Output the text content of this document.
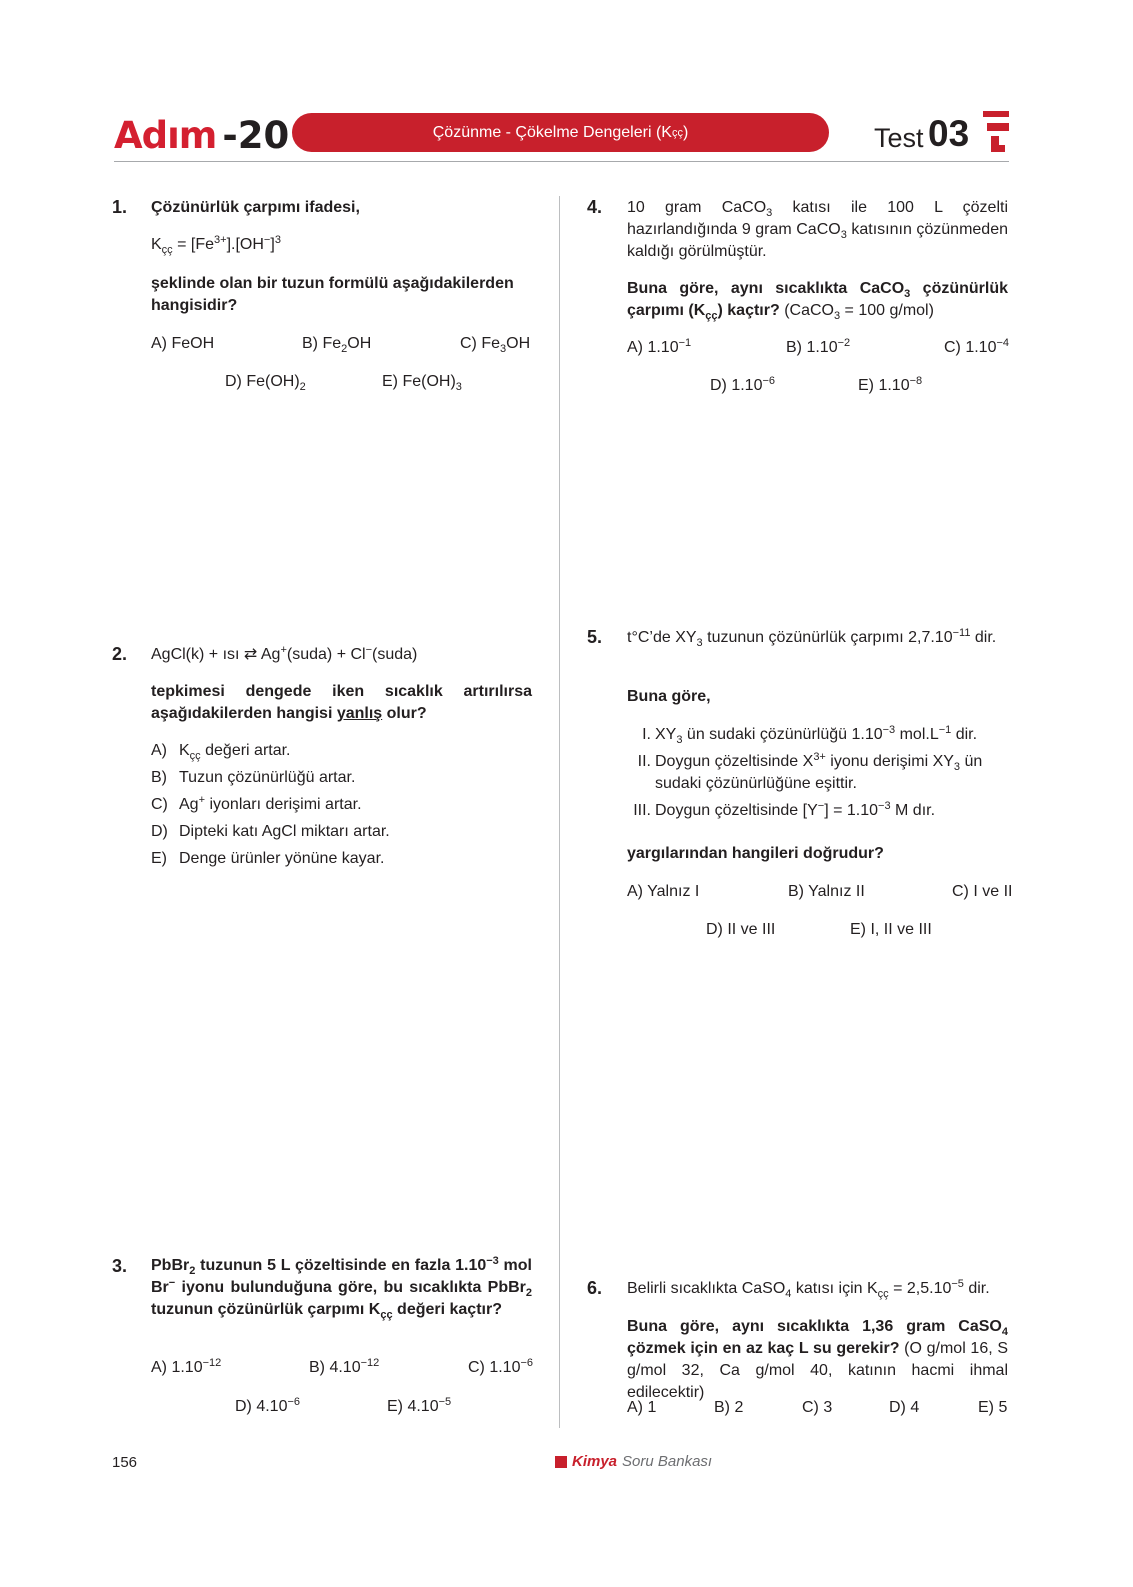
Adım -20	Çözünme - Çökelme Dengeleri (K çç )	Test 03
1. Çözünürlük çarpımı ifadesi,
$K_{çç} = [Fe^{3+}].[OH^-]^3$
şeklinde olan bir tuzun formülü aşağıdakilerden hangisidir?
A) FeOH	B) $Fe_2OH$	C) $Fe_3OH$
D) $Fe(OH)_2$	E) $Fe(OH)_3$
2. AgCl(k) + ısı ⇄ Ag+(suda) + Cl−(suda)
tepkimesi dengede iken sıcaklık artırılırsa aşağıdakilerden hangisi yanlış olur?
A) $K_{çç}$ değeri artar.
B) Tuzun çözünürlüğü artar.
C) Ag+ iyonları derişimi artar.
D) Dipteki katı AgCl miktarı artar.
E) Denge ürünler yönüne kayar.
3. PbBr$_2$ tuzunun 5 L çözeltisinde en fazla $1.10^{-3}$ mol Br− iyonu bulunduğuna göre, bu sıcaklıkta PbBr$_2$ tuzunun çözünürlük çarpımı $K_{çç}$ değeri kaçtır?
A) $1.10^{-12}$	B) $4.10^{-12}$	C) $1.10^{-6}$
D) $4.10^{-6}$	E) $4.10^{-5}$
4. 10 gram CaCO$_3$ katısı ile 100 L çözelti hazırlandığında 9 gram CaCO$_3$ katısının çözünmeden kaldığı görülmüştür.
Buna göre, aynı sıcaklıkta CaCO$_3$ çözünürlük çarpımı $(K_{çç})$ kaçtır? (CaCO$_3$ = 100 g/mol)
A) $1.10^{-1}$	B) $1.10^{-2}$	C) $1.10^{-4}$
D) $1.10^{-6}$	E) $1.10^{-8}$
5. t°C’de $XY_3$ tuzunun çözünürlük çarpımı $2,7.10^{-11}$ dir.
Buna göre,
I. $XY_3$ ün sudaki çözünürlüğü $1.10^{-3}$ $mol.L^{-1}$ dir.
II. Doygun çözeltisinde $X^{3+}$ iyonu derişimi $XY_3$ ün sudaki çözünürlüğüne eşittir.
III. Doygun çözeltisinde $[Y^-] = 1.10^{-3}$ M dır.
yargılarından hangileri doğrudur?
A) Yalnız I	B) Yalnız II	C) I ve II
D) II ve III	E) I, II ve III
6. Belirli sıcaklıkta CaSO$_4$ katısı için $K_{çç} = 2,5.10^{-5}$ dir.
Buna göre, aynı sıcaklıkta 1,36 gram CaSO$_4$ çözmek için en az kaç L su gerekir? (O g/mol 16, S g/mol 32, Ca g/mol 40, katının hacmi ihmal edilecektir)
A) 1	B) 2	C) 3	D) 4	E) 5
156	Kimya Soru Bankası
